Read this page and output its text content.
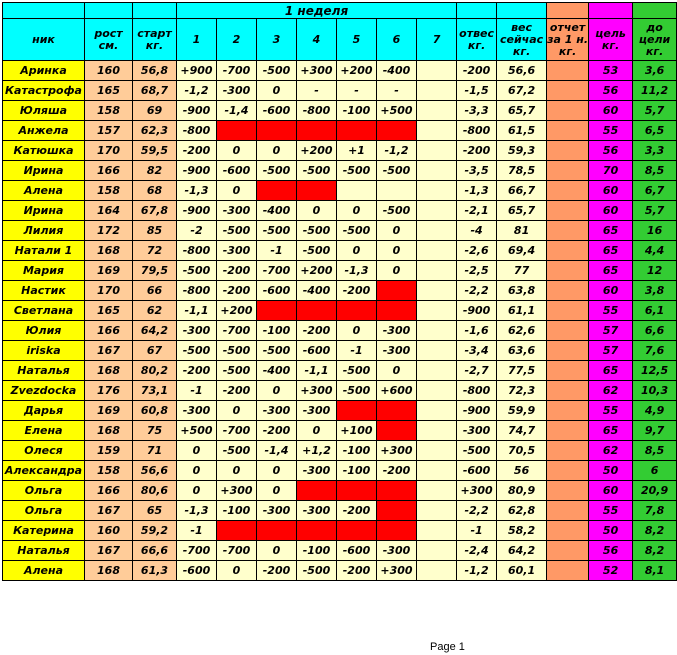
			1 неделя											
ник	рост см.	старт кг.	1	2	3	4	5	6	7	отвес кг.	вес сейчас кг.	отчет за 1 н. кг.	цель кг.	до цели кг.
Аринка	160	56,8	+900	-700	-500	+300	+200	-400		-200	56,6		53	3,6
Катастрофа	165	68,7	-1,2	-300	0	-	-	-		-1,5	67,2		56	11,2
Юляша	158	69	-900	-1,4	-600	-800	-100	+500		-3,3	65,7		60	5,7
Анжела	157	62,3	-800							-800	61,5		55	6,5
Катюшка	170	59,5	-200	0	0	+200	+1	-1,2		-200	59,3		56	3,3
Ирина	166	82	-900	-600	-500	-500	-500	-500		-3,5	78,5		70	8,5
Алена	158	68	-1,3	0						-1,3	66,7		60	6,7
Ирина	164	67,8	-900	-300	-400	0	0	-500		-2,1	65,7		60	5,7
Лилия	172	85	-2	-500	-500	-500	-500	0		-4	81		65	16
Натали 1	168	72	-800	-300	-1	-500	0	0		-2,6	69,4		65	4,4
Мария	169	79,5	-500	-200	-700	+200	-1,3	0		-2,5	77		65	12
Настик	170	66	-800	-200	-600	-400	-200			-2,2	63,8		60	3,8
Светлана	165	62	-1,1	+200						-900	61,1		55	6,1
Юлия	166	64,2	-300	-700	-100	-200	0	-300		-1,6	62,6		57	6,6
iriska	167	67	-500	-500	-500	-600	-1	-300		-3,4	63,6		57	7,6
Наталья	168	80,2	-200	-500	-400	-1,1	-500	0		-2,7	77,5		65	12,5
Zvezdocka	176	73,1	-1	-200	0	+300	-500	+600		-800	72,3		62	10,3
Дарья	169	60,8	-300	0	-300	-300				-900	59,9		55	4,9
Елена	168	75	+500	-700	-200	0	+100			-300	74,7		65	9,7
Олеся	159	71	0	-500	-1,4	+1,2	-100	+300		-500	70,5		62	8,5
Александра	158	56,6	0	0	0	-300	-100	-200		-600	56		50	6
Ольга	166	80,6	0	+300	0					+300	80,9		60	20,9
Ольга	167	65	-1,3	-100	-300	-300	-200			-2,2	62,8		55	7,8
Катерина	160	59,2	-1							-1	58,2		50	8,2
Наталья	167	66,6	-700	-700	0	-100	-600	-300		-2,4	64,2		56	8,2
Алена	168	61,3	-600	0	-200	-500	-200	+300		-1,2	60,1		52	8,1
Page 1
